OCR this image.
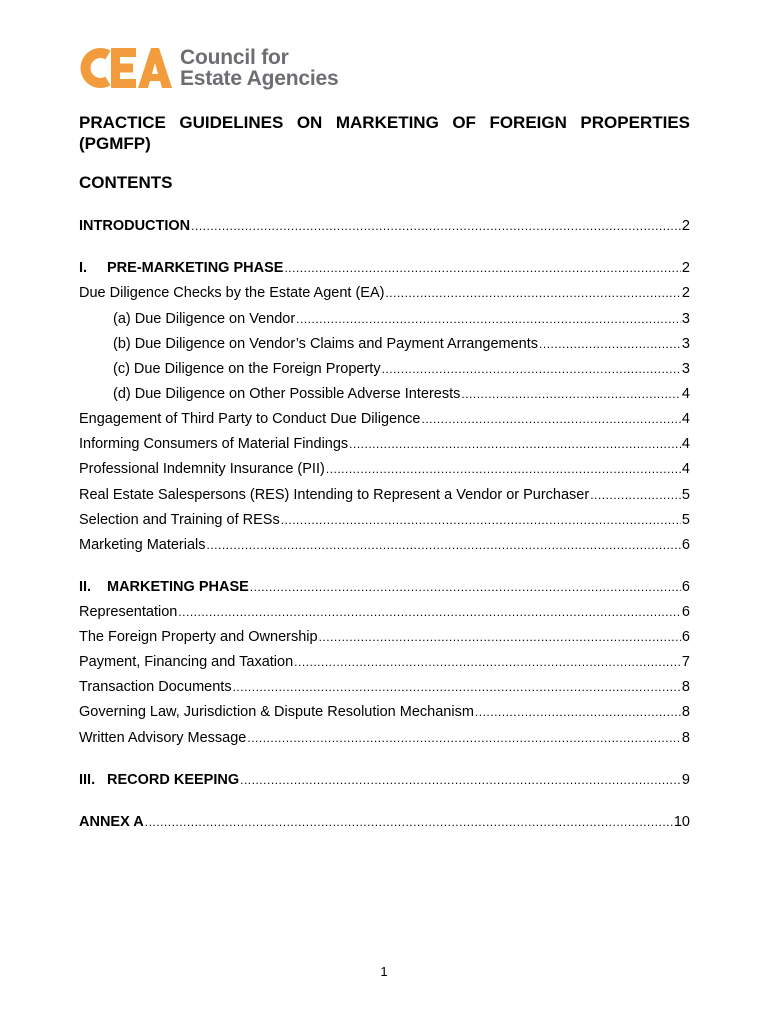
Council for
Estate Agencies
PRACTICE GUIDELINES ON MARKETING OF FOREIGN PROPERTIES (PGMFP)
CONTENTS
INTRODUCTION .....	2
I. PRE-MARKETING PHASE .....	2
Due Diligence Checks by the Estate Agent (EA) .....	2
(a) Due Diligence on Vendor .....	3
(b) Due Diligence on Vendor’s Claims and Payment Arrangements .....	3
(c) Due Diligence on the Foreign Property .....	3
(d) Due Diligence on Other Possible Adverse Interests .....	4
Engagement of Third Party to Conduct Due Diligence .....	4
Informing Consumers of Material Findings .....	4
Professional Indemnity Insurance (PII) .....	4
Real Estate Salespersons (RES) Intending to Represent a Vendor or Purchaser .....	5
Selection and Training of RESs .....	5
Marketing Materials .....	6
II. MARKETING PHASE .....	6
Representation .....	6
The Foreign Property and Ownership .....	6
Payment, Financing and Taxation .....	7
Transaction Documents .....	8
Governing Law, Jurisdiction & Dispute Resolution Mechanism .....	8
Written Advisory Message .....	8
III. RECORD KEEPING .....	9
ANNEX A .....	10
1
